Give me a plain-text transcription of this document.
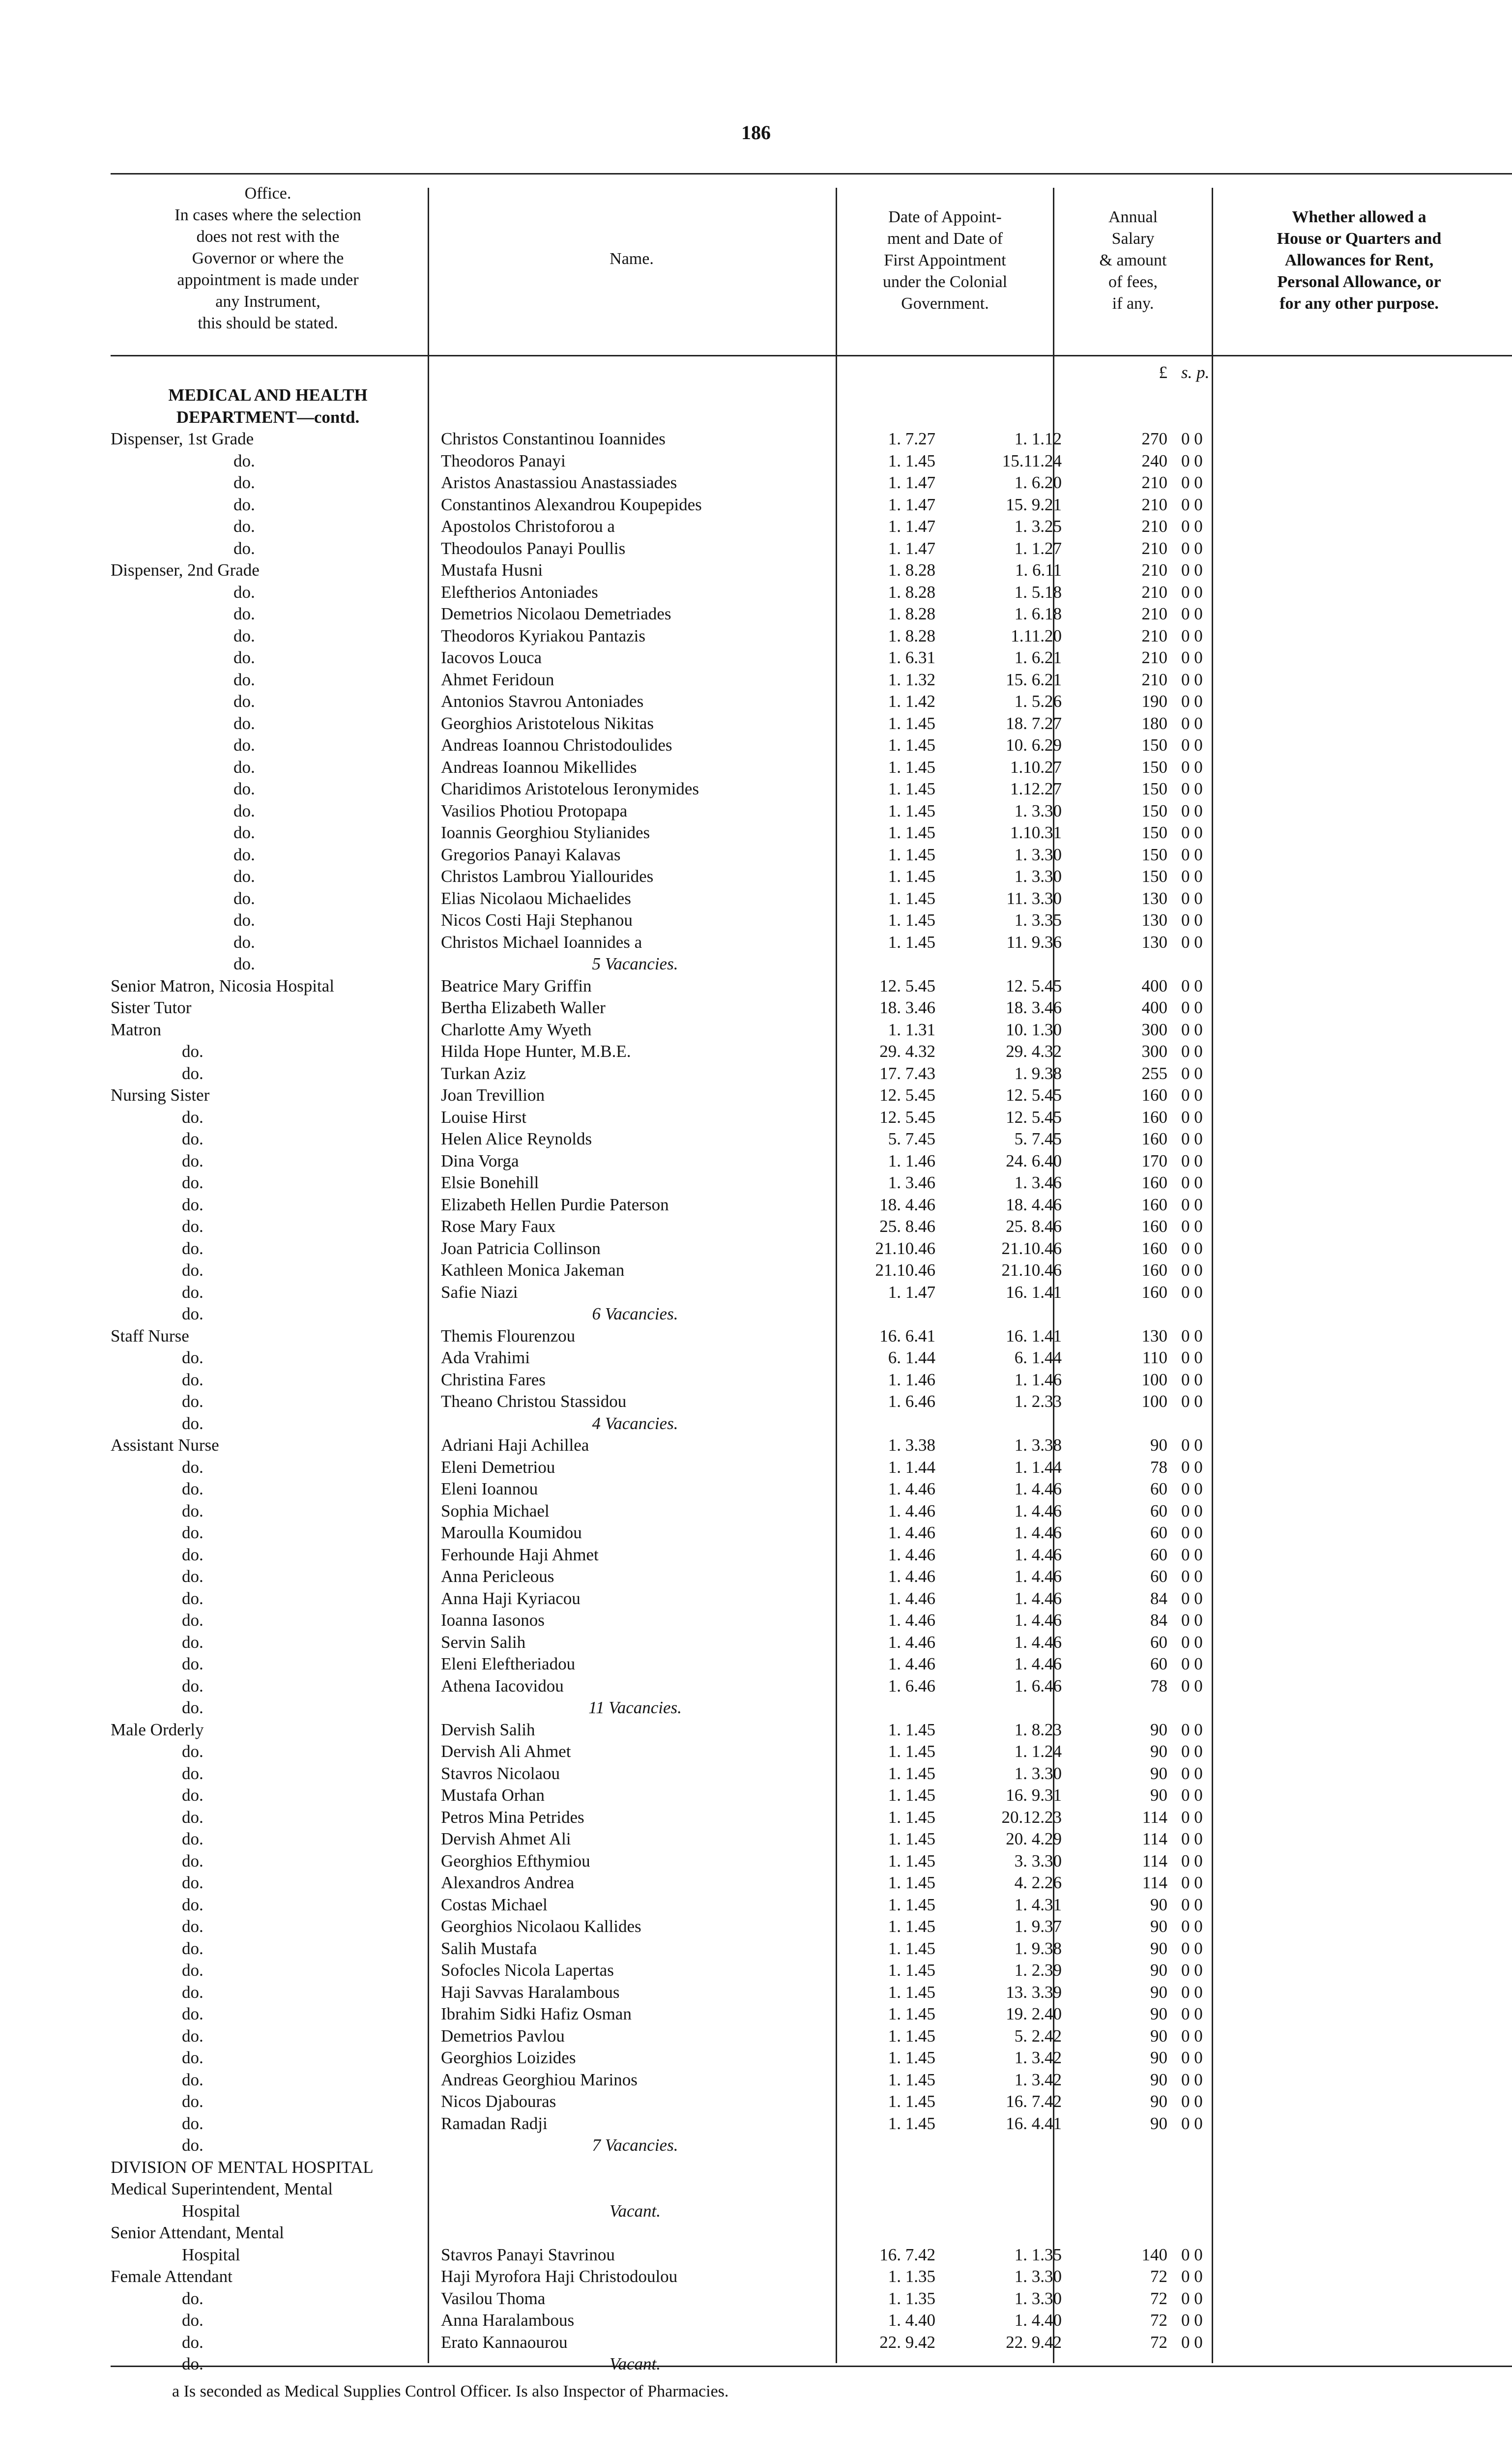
186
Office.
In cases where the selection
does not rest with the
Governor or where the
appointment is made under
any Instrument,
this should be stated.
Name.
Date of Appoint-
ment and Date of
First Appointment
under the Colonial
Government.
Annual
Salary
& amount
of fees,
if any.
Whether allowed a
House or Quarters and
Allowances for Rent,
Personal Allowance, or
for any other purpose.
£ s. p.
MEDICAL AND HEALTH
DEPARTMENT—contd.
Dispenser, 1st Grade	Christos Constantinou Ioannides	1. 7.27	1. 1.12	270 0 0
do.	Theodoros Panayi	1. 1.45	15.11.24	240 0 0
do.	Aristos Anastassiou Anastassiades	1. 1.47	1. 6.20	210 0 0
do.	Constantinos Alexandrou Koupepides	1. 1.47	15. 9.21	210 0 0
do.	Apostolos Christoforou a	1. 1.47	1. 3.25	210 0 0
do.	Theodoulos Panayi Poullis	1. 1.47	1. 1.27	210 0 0
Dispenser, 2nd Grade	Mustafa Husni	1. 8.28	1. 6.11	210 0 0
do.	Eleftherios Antoniades	1. 8.28	1. 5.18	210 0 0
do.	Demetrios Nicolaou Demetriades	1. 8.28	1. 6.18	210 0 0
do.	Theodoros Kyriakou Pantazis	1. 8.28	1.11.20	210 0 0
do.	Iacovos Louca	1. 6.31	1. 6.21	210 0 0
do.	Ahmet Feridoun	1. 1.32	15. 6.21	210 0 0
do.	Antonios Stavrou Antoniades	1. 1.42	1. 5.26	190 0 0
do.	Georghios Aristotelous Nikitas	1. 1.45	18. 7.27	180 0 0
do.	Andreas Ioannou Christodoulides	1. 1.45	10. 6.29	150 0 0
do.	Andreas Ioannou Mikellides	1. 1.45	1.10.27	150 0 0
do.	Charidimos Aristotelous Ieronymides	1. 1.45	1.12.27	150 0 0
do.	Vasilios Photiou Protopapa	1. 1.45	1. 3.30	150 0 0
do.	Ioannis Georghiou Stylianides	1. 1.45	1.10.31	150 0 0
do.	Gregorios Panayi Kalavas	1. 1.45	1. 3.30	150 0 0
do.	Christos Lambrou Yiallourides	1. 1.45	1. 3.30	150 0 0
do.	Elias Nicolaou Michaelides	1. 1.45	11. 3.30	130 0 0
do.	Nicos Costi Haji Stephanou	1. 1.45	1. 3.35	130 0 0
do.	Christos Michael Ioannides a	1. 1.45	11. 9.36	130 0 0
do.	5 Vacancies.
Senior Matron, Nicosia Hospital	Beatrice Mary Griffin	12. 5.45	12. 5.45	400 0 0
Sister Tutor	Bertha Elizabeth Waller	18. 3.46	18. 3.46	400 0 0
Matron	Charlotte Amy Wyeth	1. 1.31	10. 1.30	300 0 0
do.	Hilda Hope Hunter, M.B.E.	29. 4.32	29. 4.32	300 0 0
do.	Turkan Aziz	17. 7.43	1. 9.38	255 0 0
Nursing Sister	Joan Trevillion	12. 5.45	12. 5.45	160 0 0
do.	Louise Hirst	12. 5.45	12. 5.45	160 0 0
do.	Helen Alice Reynolds	5. 7.45	5. 7.45	160 0 0
do.	Dina Vorga	1. 1.46	24. 6.40	170 0 0
do.	Elsie Bonehill	1. 3.46	1. 3.46	160 0 0
do.	Elizabeth Hellen Purdie Paterson	18. 4.46	18. 4.46	160 0 0
do.	Rose Mary Faux	25. 8.46	25. 8.46	160 0 0
do.	Joan Patricia Collinson	21.10.46	21.10.46	160 0 0
do.	Kathleen Monica Jakeman	21.10.46	21.10.46	160 0 0
do.	Safie Niazi	1. 1.47	16. 1.41	160 0 0
do.	6 Vacancies.
Staff Nurse	Themis Flourenzou	16. 6.41	16. 1.41	130 0 0
do.	Ada Vrahimi	6. 1.44	6. 1.44	110 0 0
do.	Christina Fares	1. 1.46	1. 1.46	100 0 0
do.	Theano Christou Stassidou	1. 6.46	1. 2.33	100 0 0
do.	4 Vacancies.
Assistant Nurse	Adriani Haji Achillea	1. 3.38	1. 3.38	90 0 0
do.	Eleni Demetriou	1. 1.44	1. 1.44	78 0 0
do.	Eleni Ioannou	1. 4.46	1. 4.46	60 0 0
do.	Sophia Michael	1. 4.46	1. 4.46	60 0 0
do.	Maroulla Koumidou	1. 4.46	1. 4.46	60 0 0
do.	Ferhounde Haji Ahmet	1. 4.46	1. 4.46	60 0 0
do.	Anna Pericleous	1. 4.46	1. 4.46	60 0 0
do.	Anna Haji Kyriacou	1. 4.46	1. 4.46	84 0 0
do.	Ioanna Iasonos	1. 4.46	1. 4.46	84 0 0
do.	Servin Salih	1. 4.46	1. 4.46	60 0 0
do.	Eleni Eleftheriadou	1. 4.46	1. 4.46	60 0 0
do.	Athena Iacovidou	1. 6.46	1. 6.46	78 0 0
do.	11 Vacancies.
Male Orderly	Dervish Salih	1. 1.45	1. 8.23	90 0 0
do.	Dervish Ali Ahmet	1. 1.45	1. 1.24	90 0 0
do.	Stavros Nicolaou	1. 1.45	1. 3.30	90 0 0
do.	Mustafa Orhan	1. 1.45	16. 9.31	90 0 0
do.	Petros Mina Petrides	1. 1.45	20.12.23	114 0 0
do.	Dervish Ahmet Ali	1. 1.45	20. 4.29	114 0 0
do.	Georghios Efthymiou	1. 1.45	3. 3.30	114 0 0
do.	Alexandros Andrea	1. 1.45	4. 2.26	114 0 0
do.	Costas Michael	1. 1.45	1. 4.31	90 0 0
do.	Georghios Nicolaou Kallides	1. 1.45	1. 9.37	90 0 0
do.	Salih Mustafa	1. 1.45	1. 9.38	90 0 0
do.	Sofocles Nicola Lapertas	1. 1.45	1. 2.39	90 0 0
do.	Haji Savvas Haralambous	1. 1.45	13. 3.39	90 0 0
do.	Ibrahim Sidki Hafiz Osman	1. 1.45	19. 2.40	90 0 0
do.	Demetrios Pavlou	1. 1.45	5. 2.42	90 0 0
do.	Georghios Loizides	1. 1.45	1. 3.42	90 0 0
do.	Andreas Georghiou Marinos	1. 1.45	1. 3.42	90 0 0
do.	Nicos Djabouras	1. 1.45	16. 7.42	90 0 0
do.	Ramadan Radji	1. 1.45	16. 4.41	90 0 0
do.	7 Vacancies.
DIVISION OF MENTAL HOSPITAL
Medical Superintendent, Mental
Hospital	Vacant.
Senior Attendant, Mental
Hospital	Stavros Panayi Stavrinou	16. 7.42	1. 1.35	140 0 0
Female Attendant	Haji Myrofora Haji Christodoulou	1. 1.35	1. 3.30	72 0 0
do.	Vasilou Thoma	1. 1.35	1. 3.30	72 0 0
do.	Anna Haralambous	1. 4.40	1. 4.40	72 0 0
do.	Erato Kannaourou	22. 9.42	22. 9.42	72 0 0
do.	Vacant.
a Is seconded as Medical Supplies Control Officer. Is also Inspector of Pharmacies.
